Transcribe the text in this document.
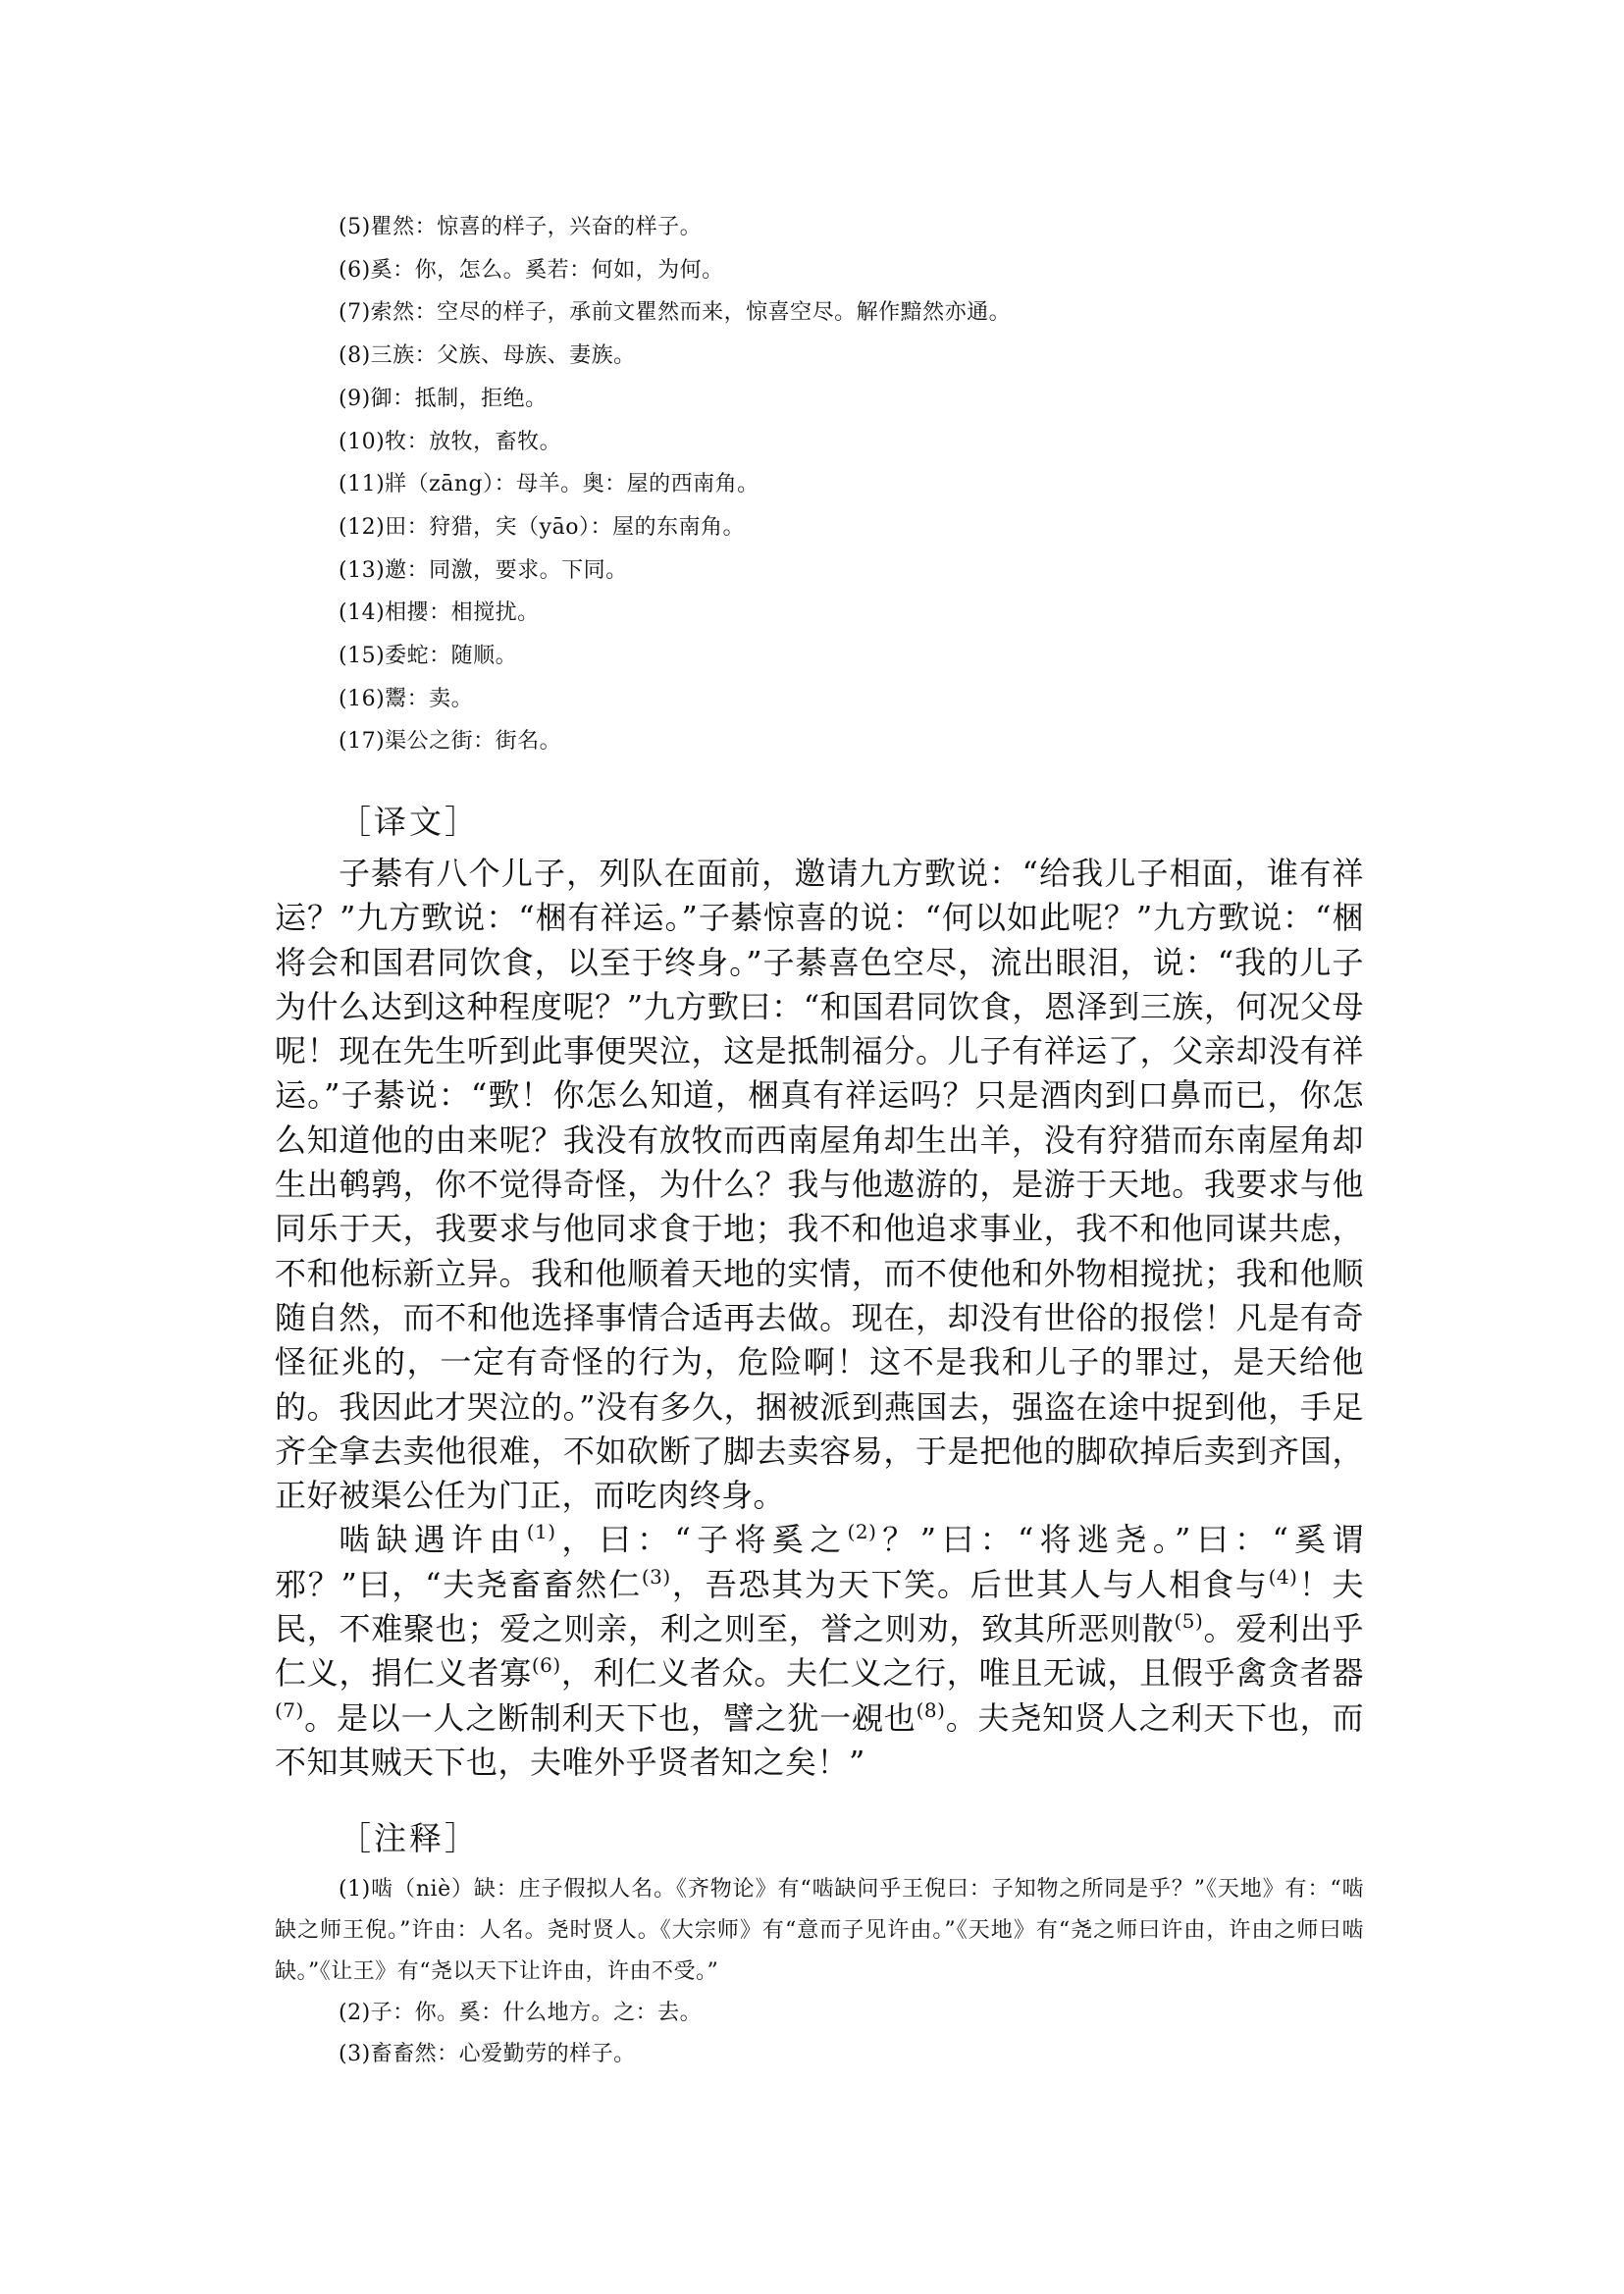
(5)瞿然：惊喜的样子，兴奋的样子。
(6)奚：你，怎么。奚若：何如，为何。
(7)索然：空尽的样子，承前文瞿然而来，惊喜空尽。解作黯然亦通。
(8)三族：父族、母族、妻族。
(9)御：抵制，拒绝。
(10)牧：放牧，畜牧。
(11)牂（zāng）：母羊。奥：屋的西南角。
(12)田：狩猎，宎（yāo）：屋的东南角。
(13)邀：同激，要求。下同。
(14)相攖：相搅扰。
(15)委蛇：随顺。
(16)鬻：卖。
(17)渠公之街：街名。
［译文］

子綦有八个儿子，列队在面前，邀请九方歅说：“给我儿子相面，谁有祥运？”九方歅说：“梱有祥运。”子綦惊喜的说：“何以如此呢？”九方歅说：“梱将会和国君同饮食，以至于终身。”子綦喜色空尽，流出眼泪，说：“我的儿子为什么达到这种程度呢？”九方歅曰：“和国君同饮食，恩泽到三族，何况父母呢！现在先生听到此事便哭泣，这是抵制福分。儿子有祥运了，父亲却没有祥运。”子綦说：“歅！你怎么知道，梱真有祥运吗？只是酒肉到口鼻而已，你怎么知道他的由来呢？我没有放牧而西南屋角却生出羊，没有狩猎而东南屋角却生出鹌鹑，你不觉得奇怪，为什么？我与他遨游的，是游于天地。我要求与他同乐于天，我要求与他同求食于地；我不和他追求事业，我不和他同谋共虑，不和他标新立异。我和他顺着天地的实情，而不使他和外物相搅扰；我和他顺随自然，而不和他选择事情合适再去做。现在，却没有世俗的报偿！凡是有奇怪征兆的，一定有奇怪的行为，危险啊！这不是我和儿子的罪过，是天给他的。我因此才哭泣的。”没有多久，捆被派到燕国去，强盗在途中捉到他，手足齐全拿去卖他很难，不如砍断了脚去卖容易，于是把他的脚砍掉后卖到齐国，正好被渠公任为门正，而吃肉终身。

啮缺遇许由$^{(1)}$，曰：“子将奚之$^{(2)}$？”曰：“将逃尧。”曰：“奚谓邪？”曰，“夫尧畜畜然仁$^{(3)}$，吾恐其为天下笑。后世其人与人相食与$^{(4)}$！夫民，不难聚也；爱之则亲，利之则至，誉之则劝，致其所恶则散$^{(5)}$。爱利出乎仁义，捐仁义者寡$^{(6)}$，利仁义者众。夫仁义之行，唯且无诚，且假乎禽贪者器$^{(7)}$。是以一人之断制利天下也，譬之犹一覕也$^{(8)}$。夫尧知贤人之利天下也，而不知其贼天下也，夫唯外乎贤者知之矣！”

［注释］

(1)啮（niè）缺：庄子假拟人名。《齐物论》有“啮缺问乎王倪曰：子知物之所同是乎？”《天地》有：“啮缺之师王倪。”许由：人名。尧时贤人。《大宗师》有“意而子见许由。”《天地》有“尧之师曰许由，许由之师曰啮缺。”《让王》有“尧以天下让许由，许由不受。”

(2)子：你。奚：什么地方。之：去。

(3)畜畜然：心爱勤劳的样子。
